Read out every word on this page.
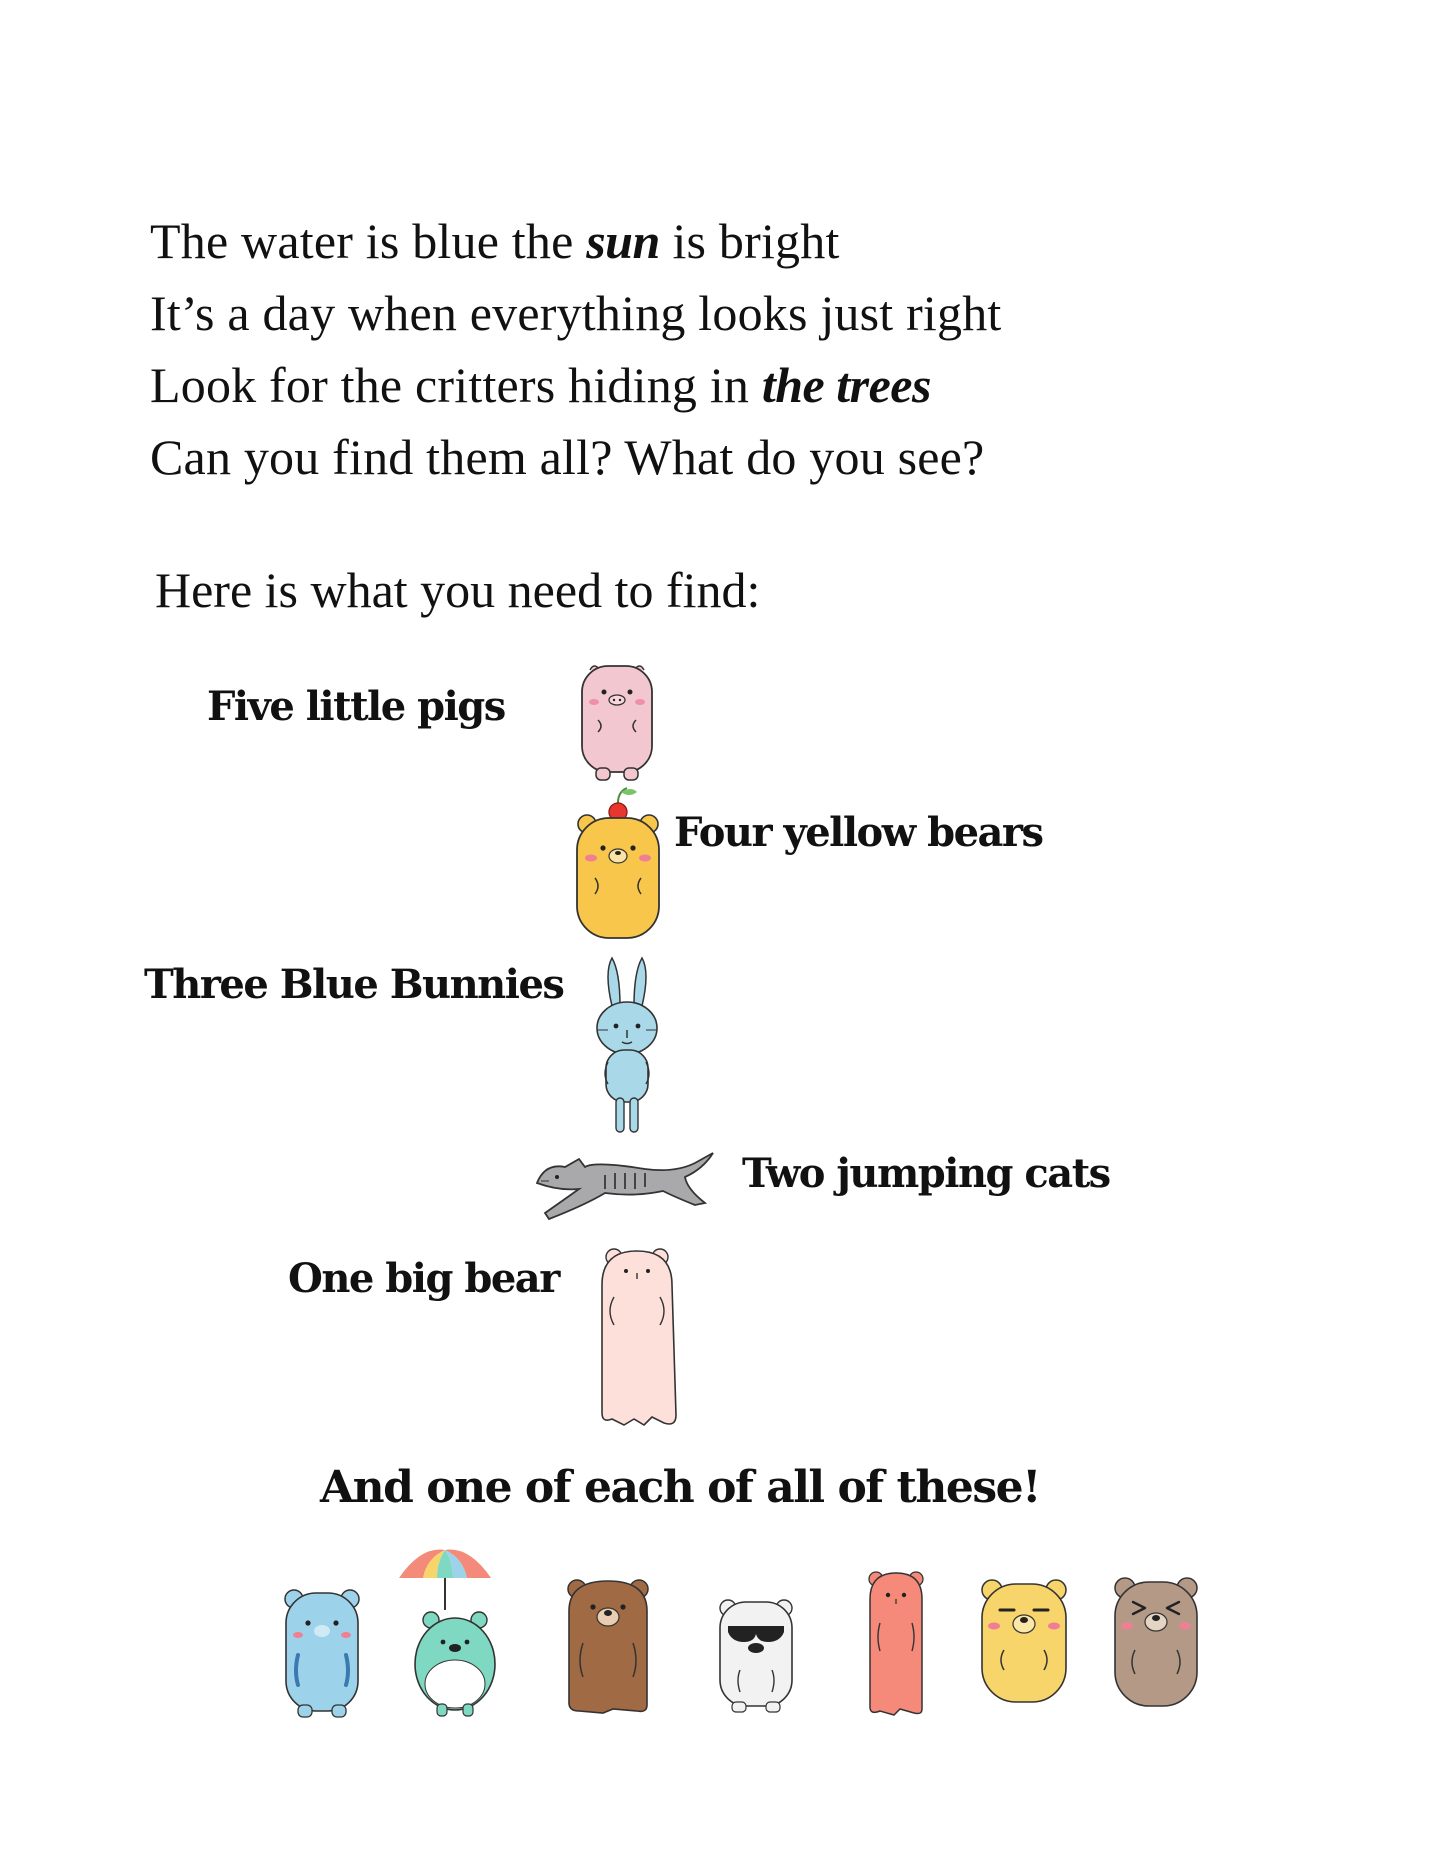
The water is blue the sun is bright
It’s a day when everything looks just right
Look for the critters hiding in the trees
Can you find them all? What do you see?

Here is what you need to find:

Five little pigs

Four yellow bears

Three Blue Bunnies

Two jumping cats

One big bear

And one of each of all of these!
